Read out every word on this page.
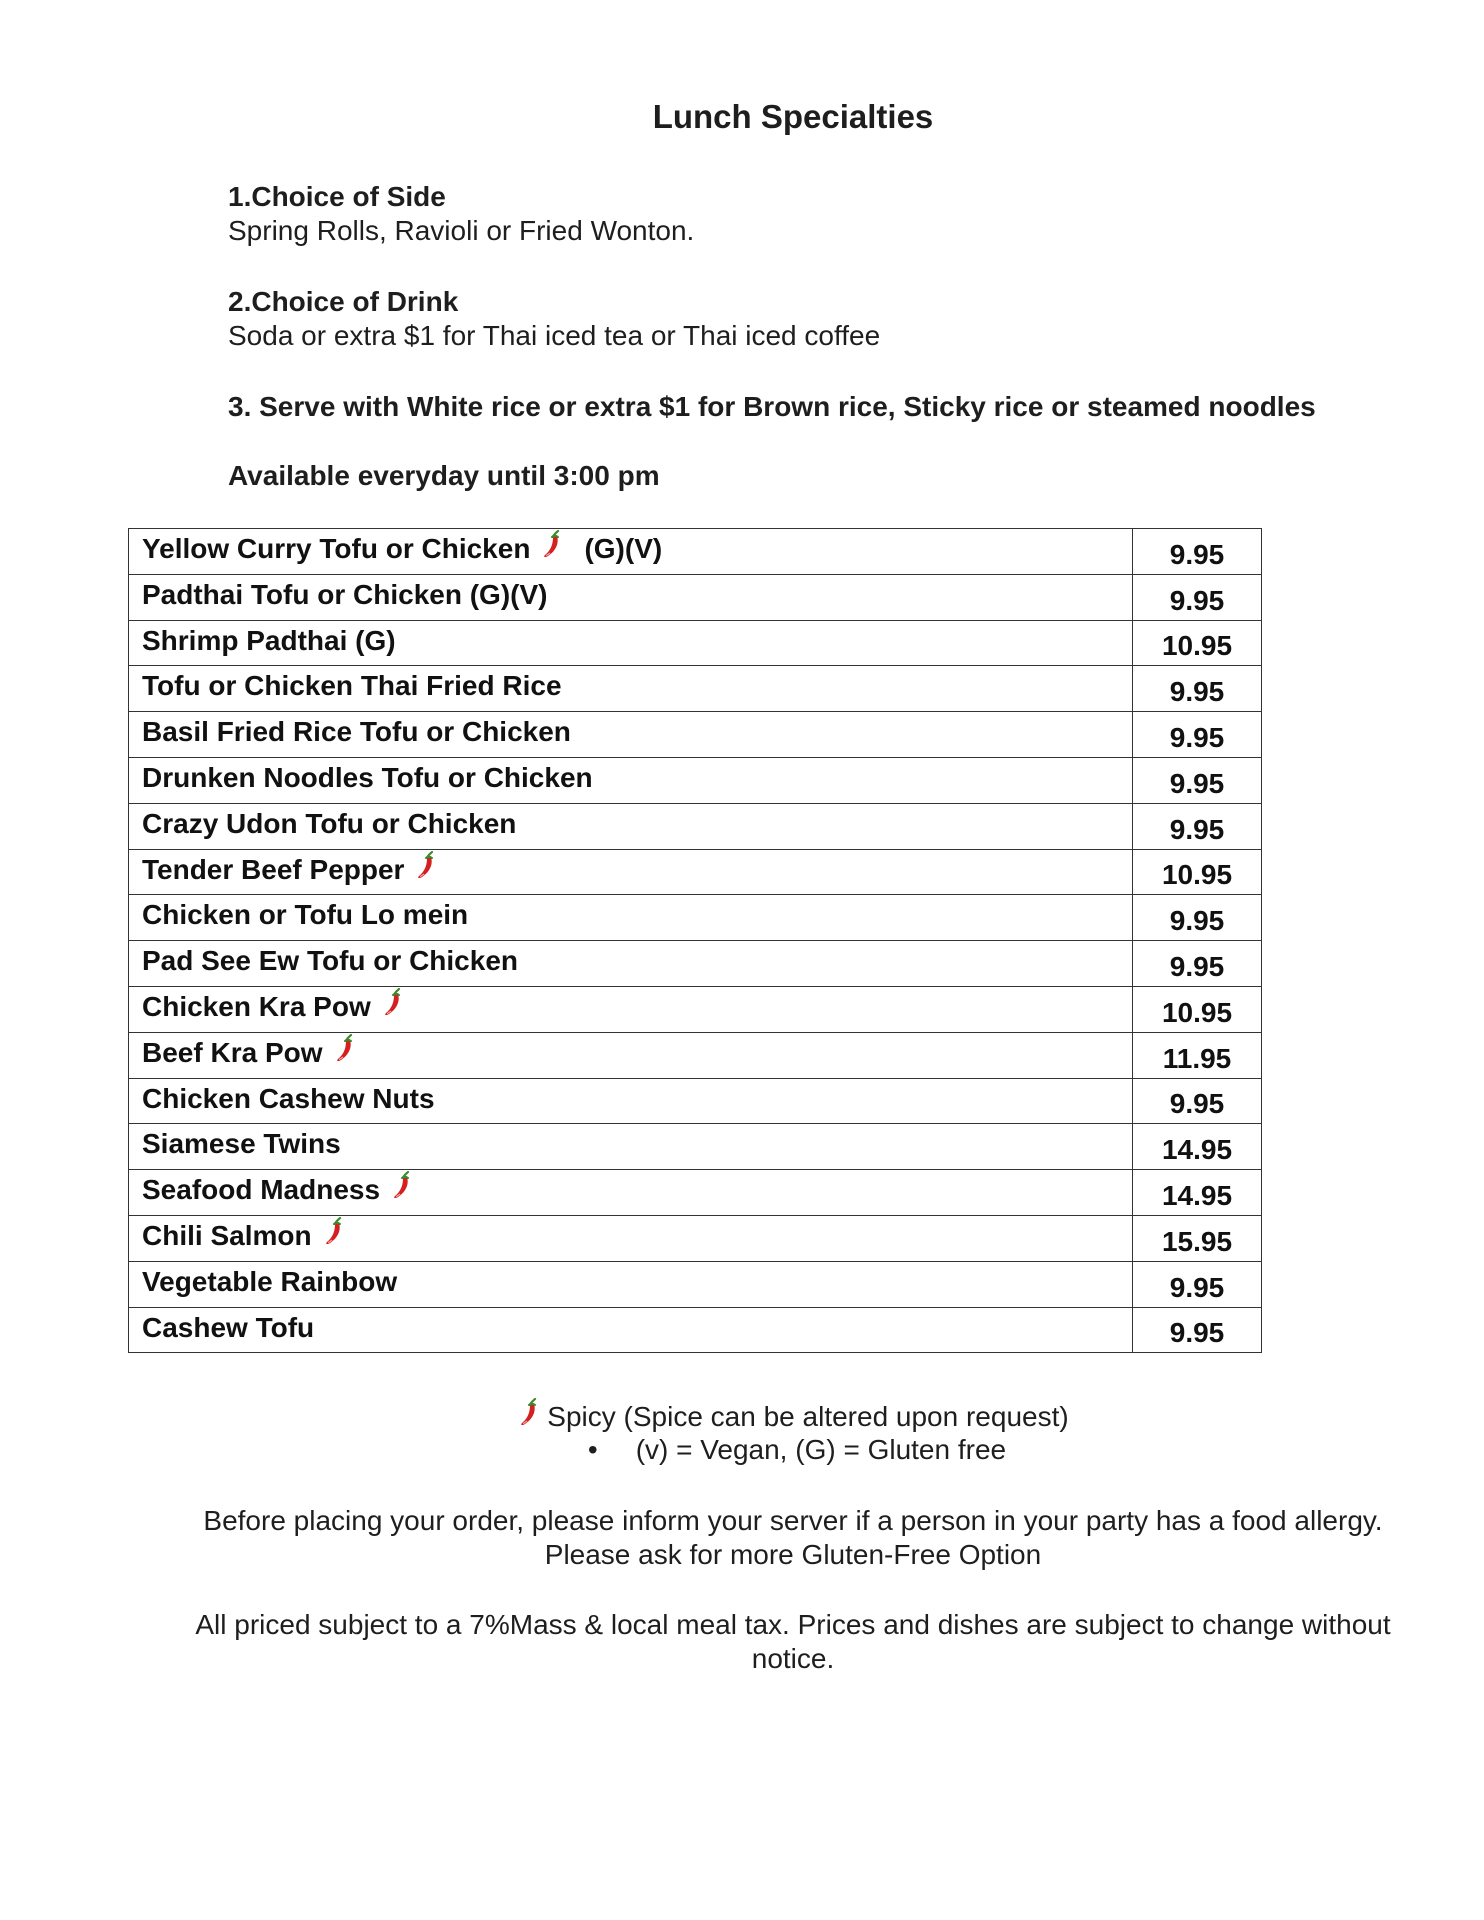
Lunch Specialties
1.Choice of Side
Spring Rolls, Ravioli or Fried Wonton.
2.Choice of Drink
Soda or extra $1 for Thai iced tea or Thai iced coffee
3. Serve with White rice or extra $1 for Brown rice, Sticky rice or steamed noodles
Available everyday until 3:00 pm
Yellow Curry Tofu or Chicken (G)(V)	9.95
Padthai Tofu or Chicken (G)(V)	9.95
Shrimp Padthai (G)	10.95
Tofu or Chicken Thai Fried Rice	9.95
Basil Fried Rice Tofu or Chicken	9.95
Drunken Noodles Tofu or Chicken	9.95
Crazy Udon Tofu or Chicken	9.95
Tender Beef Pepper	10.95
Chicken or Tofu Lo mein	9.95
Pad See Ew Tofu or Chicken	9.95
Chicken Kra Pow	10.95
Beef Kra Pow	11.95
Chicken Cashew Nuts	9.95
Siamese Twins	14.95
Seafood Madness	14.95
Chili Salmon	15.95
Vegetable Rainbow	9.95
Cashew Tofu	9.95
Spicy (Spice can be altered upon request)
• (v) = Vegan, (G) = Gluten free
Before placing your order, please inform your server if a person in your party has a food allergy.
Please ask for more Gluten-Free Option
All priced subject to a 7%Mass & local meal tax. Prices and dishes are subject to change without
notice.
